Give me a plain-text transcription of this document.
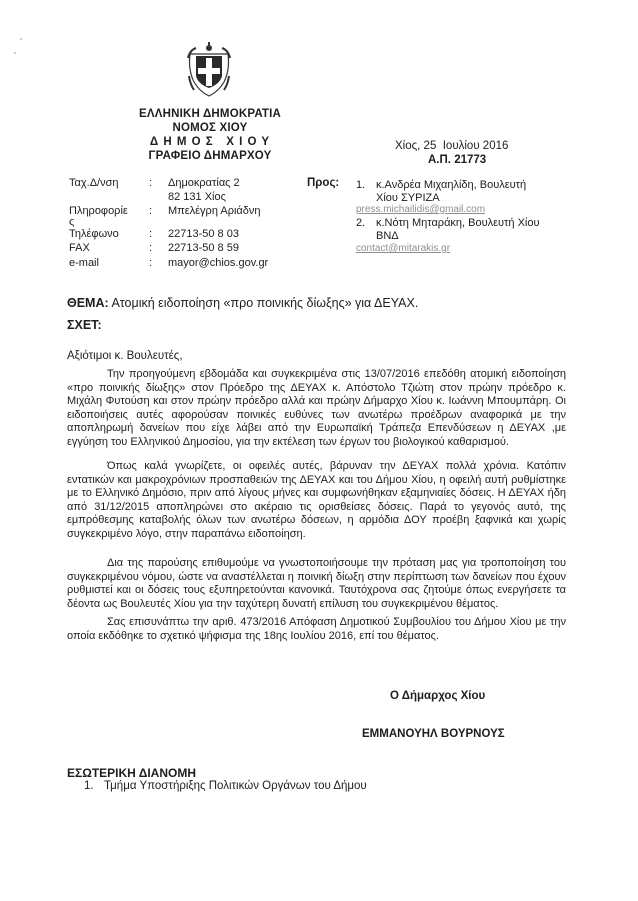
ΕΛΛΗΝΙΚΗ ΔΗΜΟΚΡΑΤΙΑ
ΝΟΜΟΣ ΧΙΟΥ
Δ Η Μ Ο Σ   Χ Ι Ο Υ
ΓΡΑΦΕΙΟ ΔΗΜΑΡΧΟΥ
Χίος, 25  Ιουλίου 2016
Α.Π. 21773
Ταχ.Δ/νση	: Δημοκρατίας 2
82 131 Χίος
Πληροφορίε : Μπελέγρη Αριάδνη
ς
Τηλέφωνο	: 22713-50 8 03
FAX	: 22713-50 8 59
e-mail	: mayor@chios.gov.gr
Προς: 1. κ.Ανδρέα Μιχαηλίδη, Βουλευτή
Χίου ΣΥΡΙΖΑ
press.michailidis@gmail.com
2. κ.Νότη Μηταράκη, Βουλευτή Χίου
ΒΝΔ
contact@mitarakis.gr
ΘΕΜΑ: Ατομική ειδοποίηση «προ ποινικής δίωξης» για ΔΕΥΑΧ.
ΣΧΕΤ:
Αξιότιμοι κ. Βουλευτές,

Την προηγούμενη εβδομάδα και συγκεκριμένα στις 13/07/2016 επεδόθη ατομική ειδοποίηση «προ ποινικής δίωξης» στον Πρόεδρο της ΔΕΥΑΧ κ. Απόστολο Τζιώτη στον πρώην πρόεδρο κ. Μιχάλη Φυτούση και στον πρώην πρόεδρο αλλά και πρώην Δήμαρχο Χίου κ. Ιωάννη Μπουμπάρη. Οι ειδοποιήσεις αυτές αφορούσαν ποινικές ευθύνες των ανωτέρω προέδρων αναφορικά με την αποπληρωμή δανείων που είχε λάβει από την Ευρωπαϊκή Τράπεζα Επενδύσεων η ΔΕΥΑΧ ,με εγγύηση του Ελληνικού Δημοσίου, για την εκτέλεση των έργων του βιολογικού καθαρισμού.

Όπως καλά γνωρίζετε, οι οφειλές αυτές, βάρυναν την ΔΕΥΑΧ πολλά χρόνια. Κατόπιν εντατικών και μακροχρόνιων προσπαθειών της ΔΕΥΑΧ και του Δήμου Χίου, η οφειλή αυτή ρυθμίστηκε με το Ελληνικό Δημόσιο, πριν από λίγους μήνες και συμφωνήθηκαν εξαμηνιαίες δόσεις. Η ΔΕΥΑΧ ήδη από 31/12/2015 αποπληρώνει στο ακέραιο τις ορισθείσες δόσεις. Παρά το γεγονός αυτό, της εμπρόθεσμης καταβολής όλων των ανωτέρω δόσεων, η αρμόδια ΔΟΥ προέβη ξαφνικά και χωρίς συγκεκριμένο λόγο, στην παραπάνω ειδοποίηση.

Δια της παρούσης επιθυμούμε να γνωστοποιήσουμε την πρόταση μας για τροποποίηση του συγκεκριμένου νόμου, ώστε να αναστέλλεται η ποινική δίωξη στην περίπτωση των δανείων που έχουν ρυθμιστεί και οι δόσεις τους εξυπηρετούνται κανονικά. Ταυτόχρονα σας ζητούμε όπως ενεργήσετε τα δέοντα ως Βουλευτές Χίου για την ταχύτερη δυνατή επίλυση του συγκεκριμένου θέματος.

Σας επισυνάπτω την αριθ. 473/2016 Απόφαση Δημοτικού Συμβουλίου του Δήμου Χίου με την οποία εκδόθηκε το σχετικό ψήφισμα της 18ης Ιουλίου 2016, επί του θέματος.

Ο Δήμαρχος Χίου
ΕΜΜΑΝΟΥΗΛ ΒΟΥΡΝΟΥΣ
ΕΣΩΤΕΡΙΚΗ ΔΙΑΝΟΜΗ
1. Τμήμα Υποστήριξης Πολιτικών Οργάνων του Δήμου
